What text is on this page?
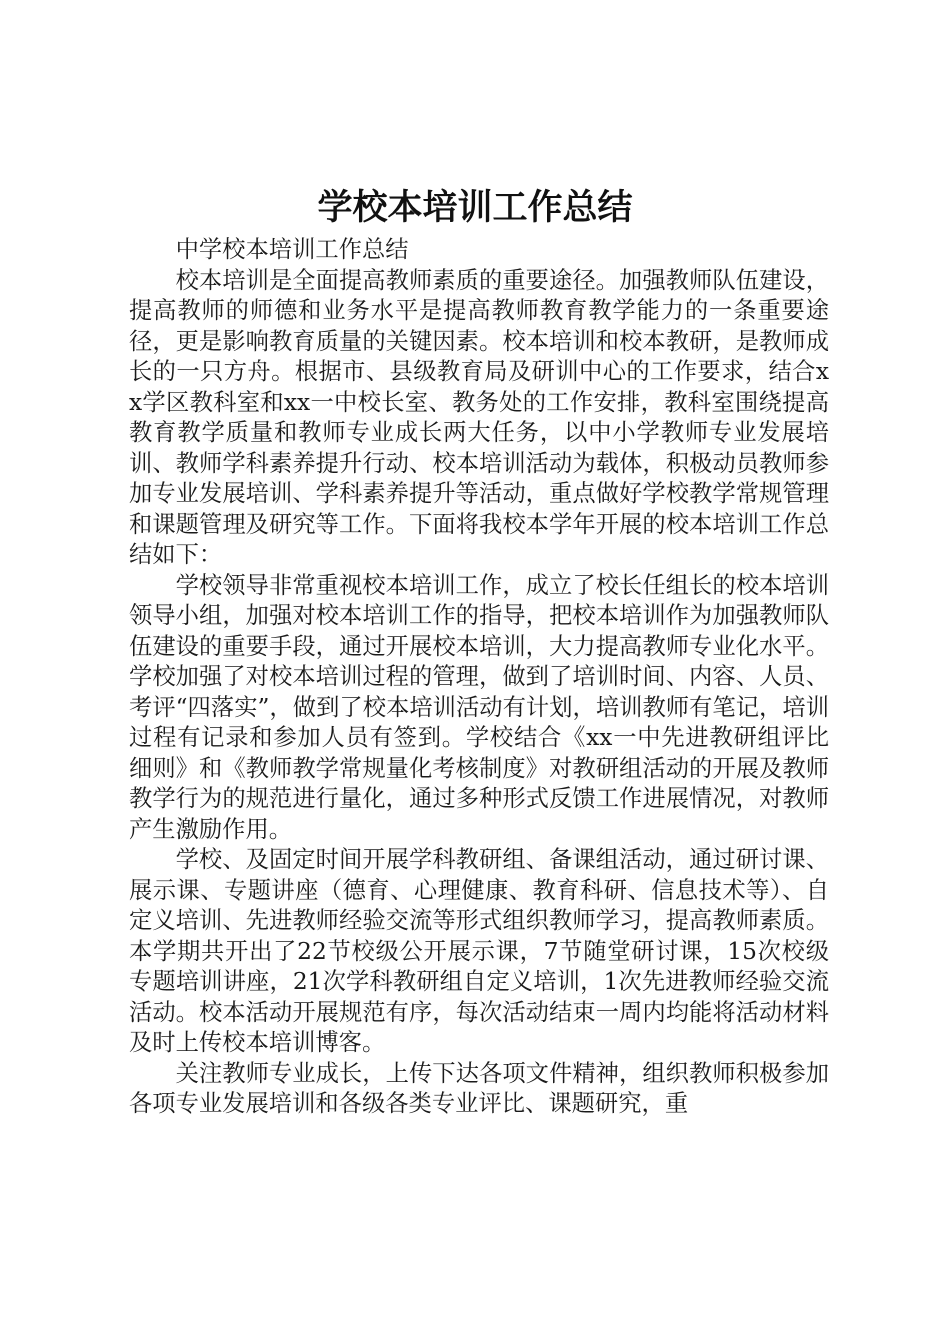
学校本培训工作总结

中学校本培训工作总结

校本培训是全面提高教师素质的重要途径。加强教师队伍建设，提高教师的师德和业务水平是提高教师教育教学能力的一条重要途径，更是影响教育质量的关键因素。校本培训和校本教研，是教师成长的一只方舟。根据市、县级教育局及研训中心的工作要求，结合xx学区教科室和xx一中校长室、教务处的工作安排，教科室围绕提高教育教学质量和教师专业成长两大任务，以中小学教师专业发展培训、教师学科素养提升行动、校本培训活动为载体，积极动员教师参加专业发展培训、学科素养提升等活动，重点做好学校教学常规管理和课题管理及研究等工作。下面将我校本学年开展的校本培训工作总结如下：

学校领导非常重视校本培训工作，成立了校长任组长的校本培训领导小组，加强对校本培训工作的指导，把校本培训作为加强教师队伍建设的重要手段，通过开展校本培训，大力提高教师专业化水平。学校加强了对校本培训过程的管理，做到了培训时间、内容、人员、考评“四落实”，做到了校本培训活动有计划，培训教师有笔记，培训过程有记录和参加人员有签到。学校结合《xx一中先进教研组评比细则》和《教师教学常规量化考核制度》对教研组活动的开展及教师教学行为的规范进行量化，通过多种形式反馈工作进展情况，对教师产生激励作用。

学校、及固定时间开展学科教研组、备课组活动，通过研讨课、展示课、专题讲座（德育、心理健康、教育科研、信息技术等）、自定义培训、先进教师经验交流等形式组织教师学习，提高教师素质。本学期共开出了22节校级公开展示课，7节随堂研讨课，15次校级专题培训讲座，21次学科教研组自定义培训，1次先进教师经验交流活动。校本活动开展规范有序，每次活动结束一周内均能将活动材料及时上传校本培训博客。

关注教师专业成长，上传下达各项文件精神，组织教师积极参加各项专业发展培训和各级各类专业评比、课题研究，重
